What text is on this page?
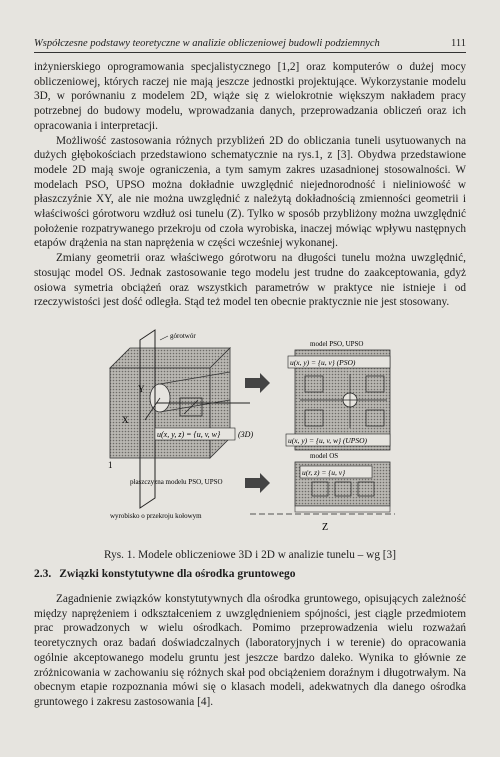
Współczesne podstawy teoretyczne w analizie obliczeniowej budowli podziemnych	111

inżynierskiego oprogramowania specjalistycznego [1,2] oraz komputerów o dużej mocy obliczeniowej, których raczej nie mają jeszcze jednostki projektujące. Wykorzystanie modelu 3D, w porównaniu z modelem 2D, wiąże się z wielokrotnie większym nakładem pracy potrzebnej do budowy modelu, wprowadzania danych, przeprowadzania obliczeń oraz ich opracowania i interpretacji.

Możliwość zastosowania różnych przybliżeń 2D do obliczania tuneli usytuowanych na dużych głębokościach przedstawiono schematycznie na rys.1, z [3]. Obydwa przedstawione modele 2D mają swoje ograniczenia, a tym samym zakres uzasadnionej stosowalności. W modelach PSO, UPSO można dokładnie uwzględnić niejednorodność i nieliniowość w płaszczyźnie XY, ale nie można uwzględnić z należytą dokładnością zmienności geometrii i właściwości górotworu wzdłuż osi tunelu (Z). Tylko w sposób przybliżony można uwzględnić położenie rozpatrywanego przekroju od czoła wyrobiska, inaczej mówiąc wpływu następnych etapów drążenia na stan naprężenia w części wcześniej wykonanej.

Zmiany geometrii oraz właściwego górotworu na długości tunelu można uwzględnić, stosując model OS. Jednak zastosowanie tego modelu jest trudne do zaakceptowania, gdyż osiowa symetria obciążeń oraz wszystkich parametrów w praktyce nie istnieje i od rzeczywistości jest dość odległa. Stąd też model ten obecnie praktycznie nie jest stosowany.

Y
X
górotwór
u(x, y, z) = {u, v, w} (3D)
1
płaszczyzna modelu PSO, UPSO
wyrobisko o przekroju kołowym
model PSO, UPSO
u(x, y) = {u, v} (PSO)
u(x, y) = {u, v, w} (UPSO)
model OS
u(r, z) = {u, v}
Z
Rys. 1. Modele obliczeniowe 3D i 2D w analizie tunelu – wg [3]
2.3. Związki konstytutywne dla ośrodka gruntowego

Zagadnienie związków konstytutywnych dla ośrodka gruntowego, opisujących zależność między naprężeniem i odkształceniem z uwzględnieniem spójności, jest ciągle przedmiotem prac prowadzonych w wielu ośrodkach. Pomimo przeprowadzenia wielu rozważań teoretycznych oraz badań doświadczalnych (laboratoryjnych i w terenie) do opracowania ogólnie akceptowanego modelu gruntu jest jeszcze bardzo daleko. Wynika to głównie ze zróżnicowania w zachowaniu się różnych skał pod obciążeniem doraźnym i długotrwałym. Na obecnym etapie rozpoznania mówi się o klasach modeli, adekwatnych dla danego ośrodka gruntowego i zakresu zastosowania [4].
